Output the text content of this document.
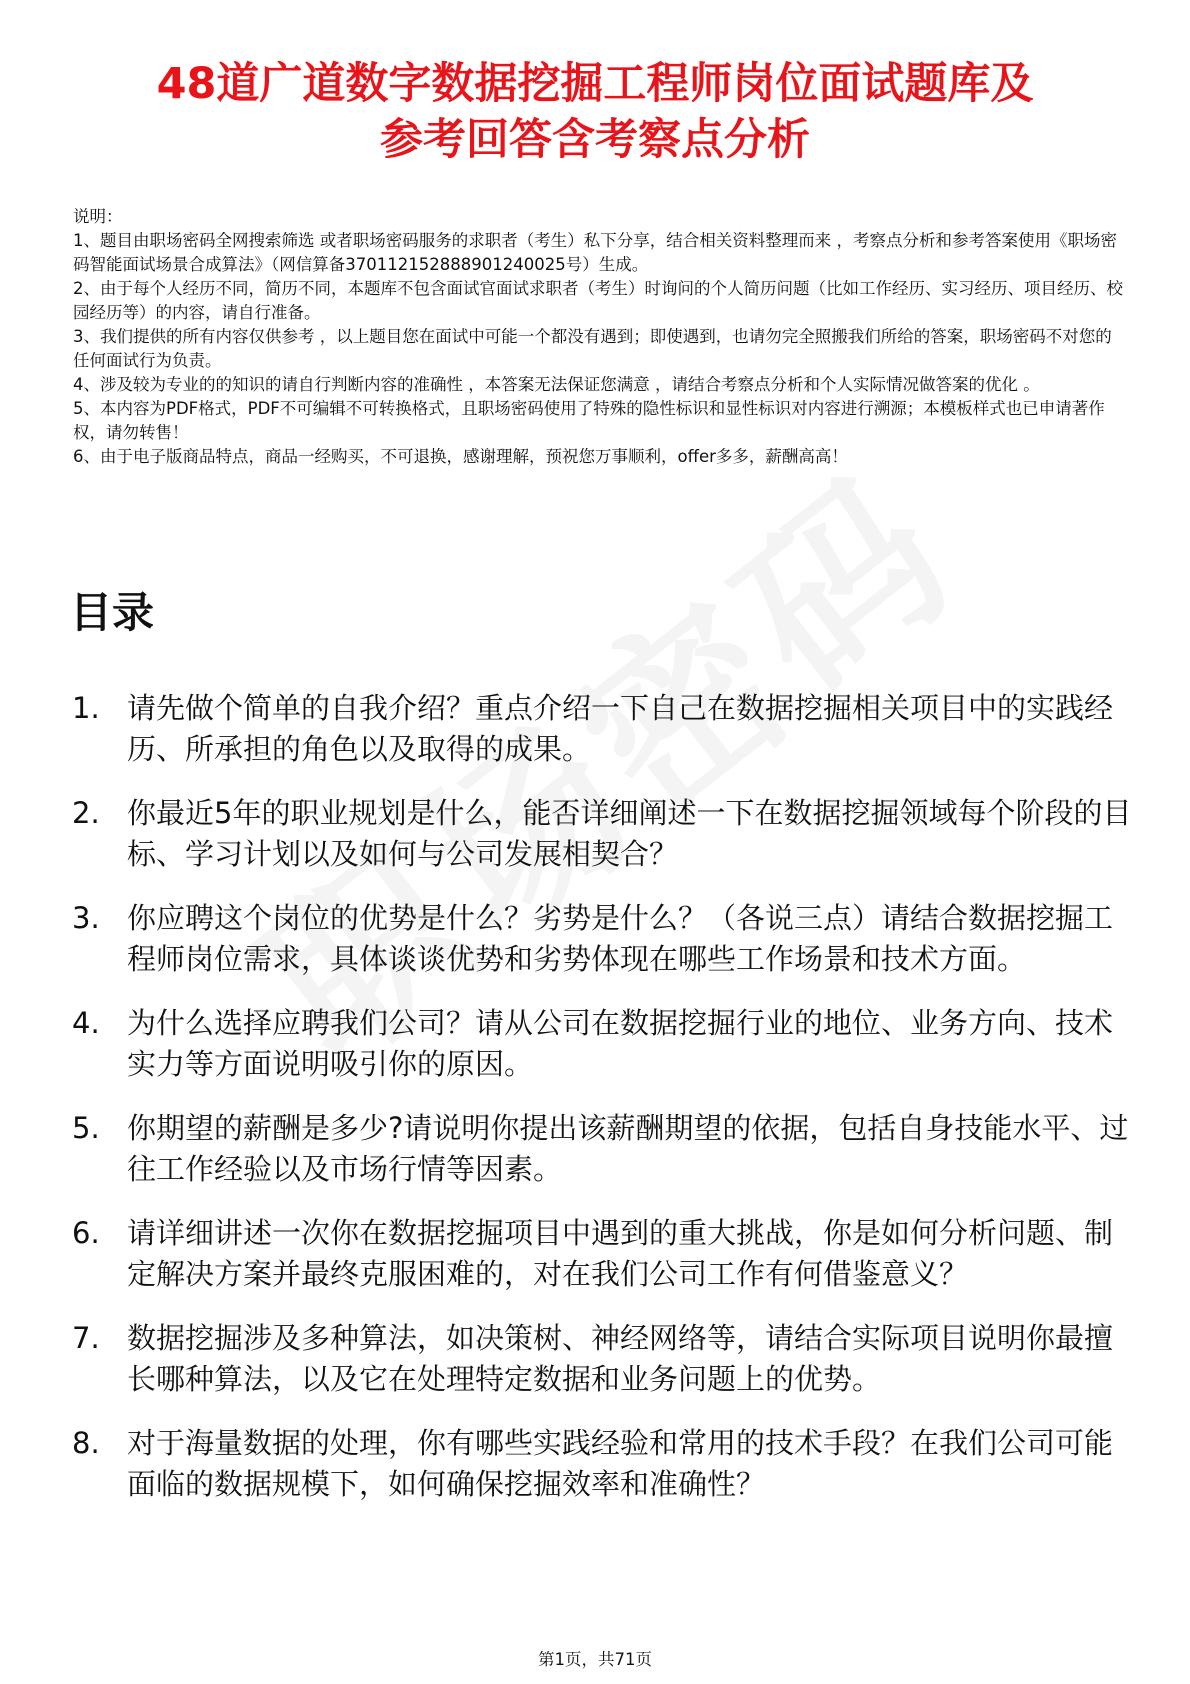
48道广道数字数据挖掘工程师岗位面试题库及
参考回答含考察点分析

说明：

1、题目由职场密码全网搜索筛选 或者职场密码服务的求职者（考生）私下分享，结合相关资料整理而来 ，考察点分析和参考答案使用《职场密码智能面试场景合成算法》（网信算备370112152888901240025号）生成。

2、由于每个人经历不同，简历不同，本题库不包含面试官面试求职者（考生）时询问的个人简历问题（比如工作经历、实习经历、项目经历、校园经历等）的内容，请自行准备。

3、我们提供的所有内容仅供参考 ，以上题目您在面试中可能一个都没有遇到；即使遇到，也请勿完全照搬我们所给的答案，职场密码不对您的任何面试行为负责。

4、涉及较为专业的的知识的请自行判断内容的准确性 ，本答案无法保证您满意 ，请结合考察点分析和个人实际情况做答案的优化 。

5、本内容为PDF格式，PDF不可编辑不可转换格式，且职场密码使用了特殊的隐性标识和显性标识对内容进行溯源；本模板样式也已申请著作权，请勿转售！

6、由于电子版商品特点，商品一经购买，不可退换，感谢理解，预祝您万事顺利，offer多多，薪酬高高！

目录
1. 请先做个简单的自我介绍？重点介绍一下自己在数据挖掘相关项目中的实践经历、所承担的角色以及取得的成果。
2. 你最近5年的职业规划是什么，能否详细阐述一下在数据挖掘领域每个阶段的目标、学习计划以及如何与公司发展相契合？
3. 你应聘这个岗位的优势是什么？劣势是什么？（各说三点）请结合数据挖掘工程师岗位需求，具体谈谈优势和劣势体现在哪些工作场景和技术方面。
4. 为什么选择应聘我们公司？请从公司在数据挖掘行业的地位、业务方向、技术实力等方面说明吸引你的原因。
5. 你期望的薪酬是多少?请说明你提出该薪酬期望的依据，包括自身技能水平、过往工作经验以及市场行情等因素。
6. 请详细讲述一次你在数据挖掘项目中遇到的重大挑战，你是如何分析问题、制定解决方案并最终克服困难的，对在我们公司工作有何借鉴意义？
7. 数据挖掘涉及多种算法，如决策树、神经网络等，请结合实际项目说明你最擅长哪种算法，以及它在处理特定数据和业务问题上的优势。
8. 对于海量数据的处理，你有哪些实践经验和常用的技术手段？在我们公司可能面临的数据规模下，如何确保挖掘效率和准确性？
第1页，共71页
